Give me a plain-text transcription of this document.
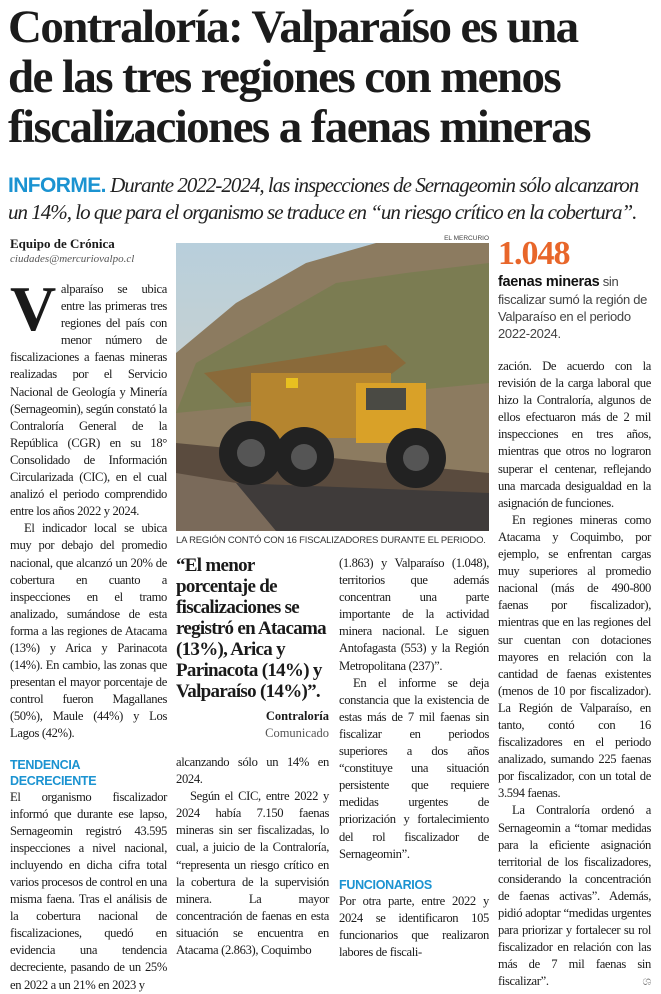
Contraloría: Valparaíso es una
de las tres regiones con menos
fiscalizaciones a faenas mineras
INFORME. Durante 2022-2024, las inspecciones de Sernageomin sólo alcanzaron un 14%, lo que para el organismo se traduce en “un riesgo crítico en la cobertura”.
Equipo de Crónica
ciudades@mercuriovalpo.cl

Valparaíso se ubica entre las primeras tres regiones del país con menor número de fiscalizaciones a faenas mineras realizadas por el Servicio Nacional de Geología y Minería (Sernageomin), según constató la Contraloría General de la República (CGR) en su 18° Consolidado de Información Circularizada (CIC), en el cual analizó el periodo comprendido entre los años 2022 y 2024.

El indicador local se ubica muy por debajo del promedio nacional, que alcanzó un 20% de cobertura en cuanto a inspecciones en el tramo analizado, sumándose de esta forma a las regiones de Atacama (13%) y Arica y Parinacota (14%). En cambio, las zonas que presentan el mayor porcentaje de control fueron Magallanes (50%), Maule (44%) y Los Lagos (42%).

TENDENCIA DECRECIENTE

El organismo fiscalizador informó que durante ese lapso, Sernageomin registró 43.595 inspecciones a nivel nacional, incluyendo en dicha cifra total varios procesos de control en una misma faena. Tras el análisis de la cobertura nacional de fiscalizaciones, quedó en evidencia una tendencia decreciente, pasando de un 25% en 2022 a un 21% en 2023 y

EL MERCURIO
LA REGIÓN CONTÓ CON 16 FISCALIZADORES DURANTE EL PERIODO.
“El menor porcentaje de fiscalizaciones se registró en Atacama (13%), Arica y Parinacota (14%) y Valparaíso (14%)”.
Contraloría
Comunicado

alcanzando sólo un 14% en 2024.

Según el CIC, entre 2022 y 2024 había 7.150 faenas mineras sin ser fiscalizadas, lo cual, a juicio de la Contraloría, “representa un riesgo crítico en la cobertura de la supervisión minera. La mayor concentración de faenas en esta situación se encuentra en Atacama (2.863), Coquimbo

(1.863) y Valparaíso (1.048), territorios que además concentran una parte importante de la actividad minera nacional. Le siguen Antofagasta (553) y la Región Metropolitana (237)”.

En el informe se deja constancia que la existencia de estas más de 7 mil faenas sin fiscalizar en periodos superiores a dos años “constituye una situación persistente que requiere medidas urgentes de priorización y fortalecimiento del rol fiscalizador de Sernageomin”.

FUNCIONARIOS

Por otra parte, entre 2022 y 2024 se identificaron 105 funcionarios que realizaron labores de fiscali-

1.048
faenas mineras sin fiscalizar sumó la región de Valparaíso en el periodo 2022-2024.

zación. De acuerdo con la revisión de la carga laboral que hizo la Contraloría, algunos de ellos efectuaron más de 2 mil inspecciones en tres años, mientras que otros no lograron superar el centenar, reflejando una marcada desigualdad en la asignación de funciones.

En regiones mineras como Atacama y Coquimbo, por ejemplo, se enfrentan cargas muy superiores al promedio nacional (más de 490-800 faenas por fiscalizador), mientras que en las regiones del sur cuentan con dotaciones mayores en relación con la cantidad de faenas existentes (menos de 10 por fiscalizador). La Región de Valparaíso, en tanto, contó con 16 fiscalizadores en el periodo analizado, sumando 225 faenas por fiscalizador, con un total de 3.594 faenas.

La Contraloría ordenó a Sernageomin a “tomar medidas para la eficiente asignación territorial de los fiscalizadores, considerando la concentración de faenas activas”. Además, pidió adoptar “medidas urgentes para priorizar y fortalecer su rol fiscalizador en relación con las más de 7 mil faenas sin fiscalizar”.	ශ
